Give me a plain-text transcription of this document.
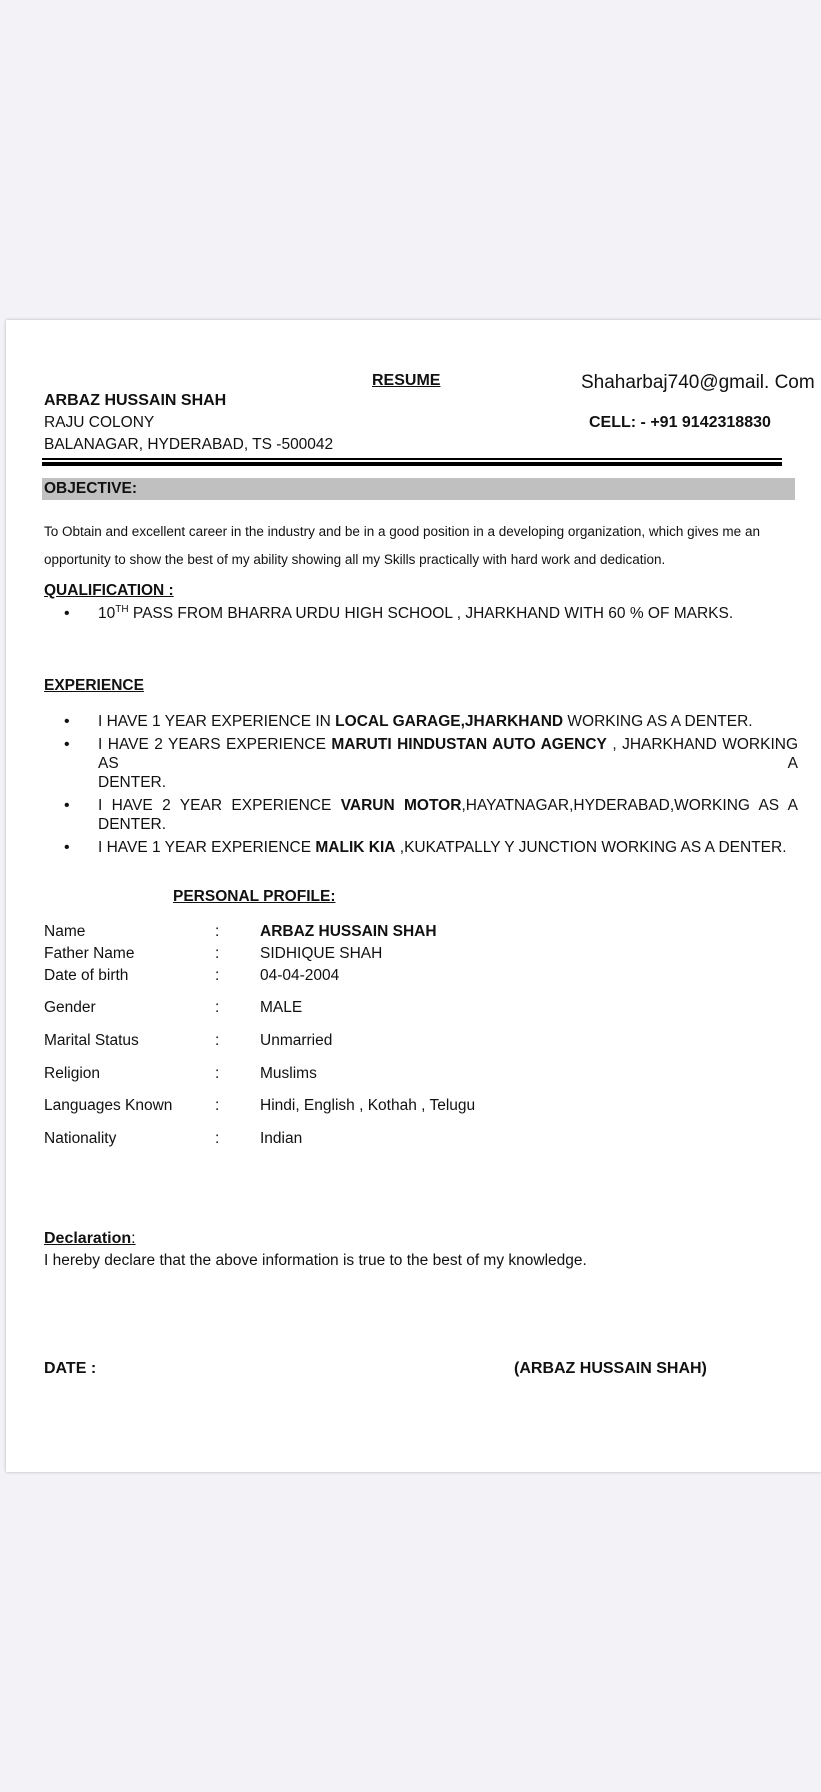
RESUME	Shaharbaj740@gmail. Com
ARBAZ HUSSAIN SHAH
RAJU COLONY
BALANAGAR, HYDERABAD, TS -500042
CELL: - +91 9142318830
OBJECTIVE:
To Obtain and excellent career in the industry and be in a good position in a developing organization, which gives me an
opportunity to show the best of my ability showing all my Skills practically with hard work and dedication.
QUALIFICATION :
• 10TH PASS FROM BHARRA URDU HIGH SCHOOL , JHARKHAND WITH 60 % OF MARKS.
EXPERIENCE
• I HAVE 1 YEAR EXPERIENCE IN LOCAL GARAGE,JHARKHAND WORKING AS A DENTER.
• I HAVE 2 YEARS EXPERIENCE MARUTI HINDUSTAN AUTO AGENCY , JHARKHAND WORKING AS A
DENTER.
• I HAVE 2 YEAR EXPERIENCE VARUN MOTOR,HAYATNAGAR,HYDERABAD,WORKING AS A
DENTER.
• I HAVE 1 YEAR EXPERIENCE MALIK KIA ,KUKATPALLY Y JUNCTION WORKING AS A DENTER.
PERSONAL PROFILE:
Name	:	ARBAZ HUSSAIN SHAH
Father Name	:	SIDHIQUE SHAH
Date of birth	:	04-04-2004
Gender	:	MALE
Marital Status	:	Unmarried
Religion	:	Muslims
Languages Known	:	Hindi, English , Kothah , Telugu
Nationality	:	Indian
Declaration:
I hereby declare that the above information is true to the best of my knowledge.
DATE :	(ARBAZ HUSSAIN SHAH)
